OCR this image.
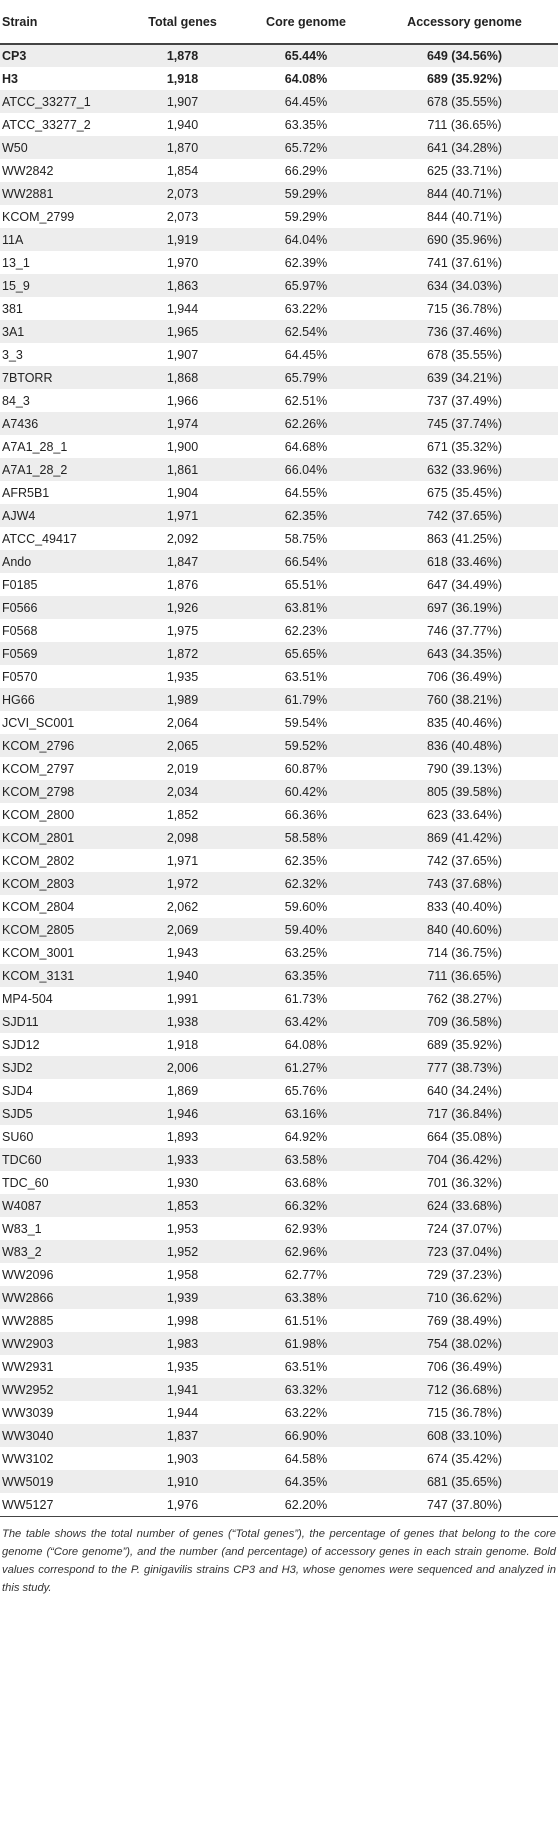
Strain	Total genes	Core genome	Accessory genome
CP3	1,878	65.44%	649 (34.56%)
H3	1,918	64.08%	689 (35.92%)
ATCC_33277_1	1,907	64.45%	678 (35.55%)
ATCC_33277_2	1,940	63.35%	711 (36.65%)
W50	1,870	65.72%	641 (34.28%)
WW2842	1,854	66.29%	625 (33.71%)
WW2881	2,073	59.29%	844 (40.71%)
KCOM_2799	2,073	59.29%	844 (40.71%)
11A	1,919	64.04%	690 (35.96%)
13_1	1,970	62.39%	741 (37.61%)
15_9	1,863	65.97%	634 (34.03%)
381	1,944	63.22%	715 (36.78%)
3A1	1,965	62.54%	736 (37.46%)
3_3	1,907	64.45%	678 (35.55%)
7BTORR	1,868	65.79%	639 (34.21%)
84_3	1,966	62.51%	737 (37.49%)
A7436	1,974	62.26%	745 (37.74%)
A7A1_28_1	1,900	64.68%	671 (35.32%)
A7A1_28_2	1,861	66.04%	632 (33.96%)
AFR5B1	1,904	64.55%	675 (35.45%)
AJW4	1,971	62.35%	742 (37.65%)
ATCC_49417	2,092	58.75%	863 (41.25%)
Ando	1,847	66.54%	618 (33.46%)
F0185	1,876	65.51%	647 (34.49%)
F0566	1,926	63.81%	697 (36.19%)
F0568	1,975	62.23%	746 (37.77%)
F0569	1,872	65.65%	643 (34.35%)
F0570	1,935	63.51%	706 (36.49%)
HG66	1,989	61.79%	760 (38.21%)
JCVI_SC001	2,064	59.54%	835 (40.46%)
KCOM_2796	2,065	59.52%	836 (40.48%)
KCOM_2797	2,019	60.87%	790 (39.13%)
KCOM_2798	2,034	60.42%	805 (39.58%)
KCOM_2800	1,852	66.36%	623 (33.64%)
KCOM_2801	2,098	58.58%	869 (41.42%)
KCOM_2802	1,971	62.35%	742 (37.65%)
KCOM_2803	1,972	62.32%	743 (37.68%)
KCOM_2804	2,062	59.60%	833 (40.40%)
KCOM_2805	2,069	59.40%	840 (40.60%)
KCOM_3001	1,943	63.25%	714 (36.75%)
KCOM_3131	1,940	63.35%	711 (36.65%)
MP4-504	1,991	61.73%	762 (38.27%)
SJD11	1,938	63.42%	709 (36.58%)
SJD12	1,918	64.08%	689 (35.92%)
SJD2	2,006	61.27%	777 (38.73%)
SJD4	1,869	65.76%	640 (34.24%)
SJD5	1,946	63.16%	717 (36.84%)
SU60	1,893	64.92%	664 (35.08%)
TDC60	1,933	63.58%	704 (36.42%)
TDC_60	1,930	63.68%	701 (36.32%)
W4087	1,853	66.32%	624 (33.68%)
W83_1	1,953	62.93%	724 (37.07%)
W83_2	1,952	62.96%	723 (37.04%)
WW2096	1,958	62.77%	729 (37.23%)
WW2866	1,939	63.38%	710 (36.62%)
WW2885	1,998	61.51%	769 (38.49%)
WW2903	1,983	61.98%	754 (38.02%)
WW2931	1,935	63.51%	706 (36.49%)
WW2952	1,941	63.32%	712 (36.68%)
WW3039	1,944	63.22%	715 (36.78%)
WW3040	1,837	66.90%	608 (33.10%)
WW3102	1,903	64.58%	674 (35.42%)
WW5019	1,910	64.35%	681 (35.65%)
WW5127	1,976	62.20%	747 (37.80%)
The table shows the total number of genes (“Total genes”), the percentage of genes that belong to the core genome (“Core genome”), and the number (and percentage) of accessory genes in each strain genome. Bold values correspond to the P. ginigavilis strains CP3 and H3, whose genomes were sequenced and analyzed in this study.
